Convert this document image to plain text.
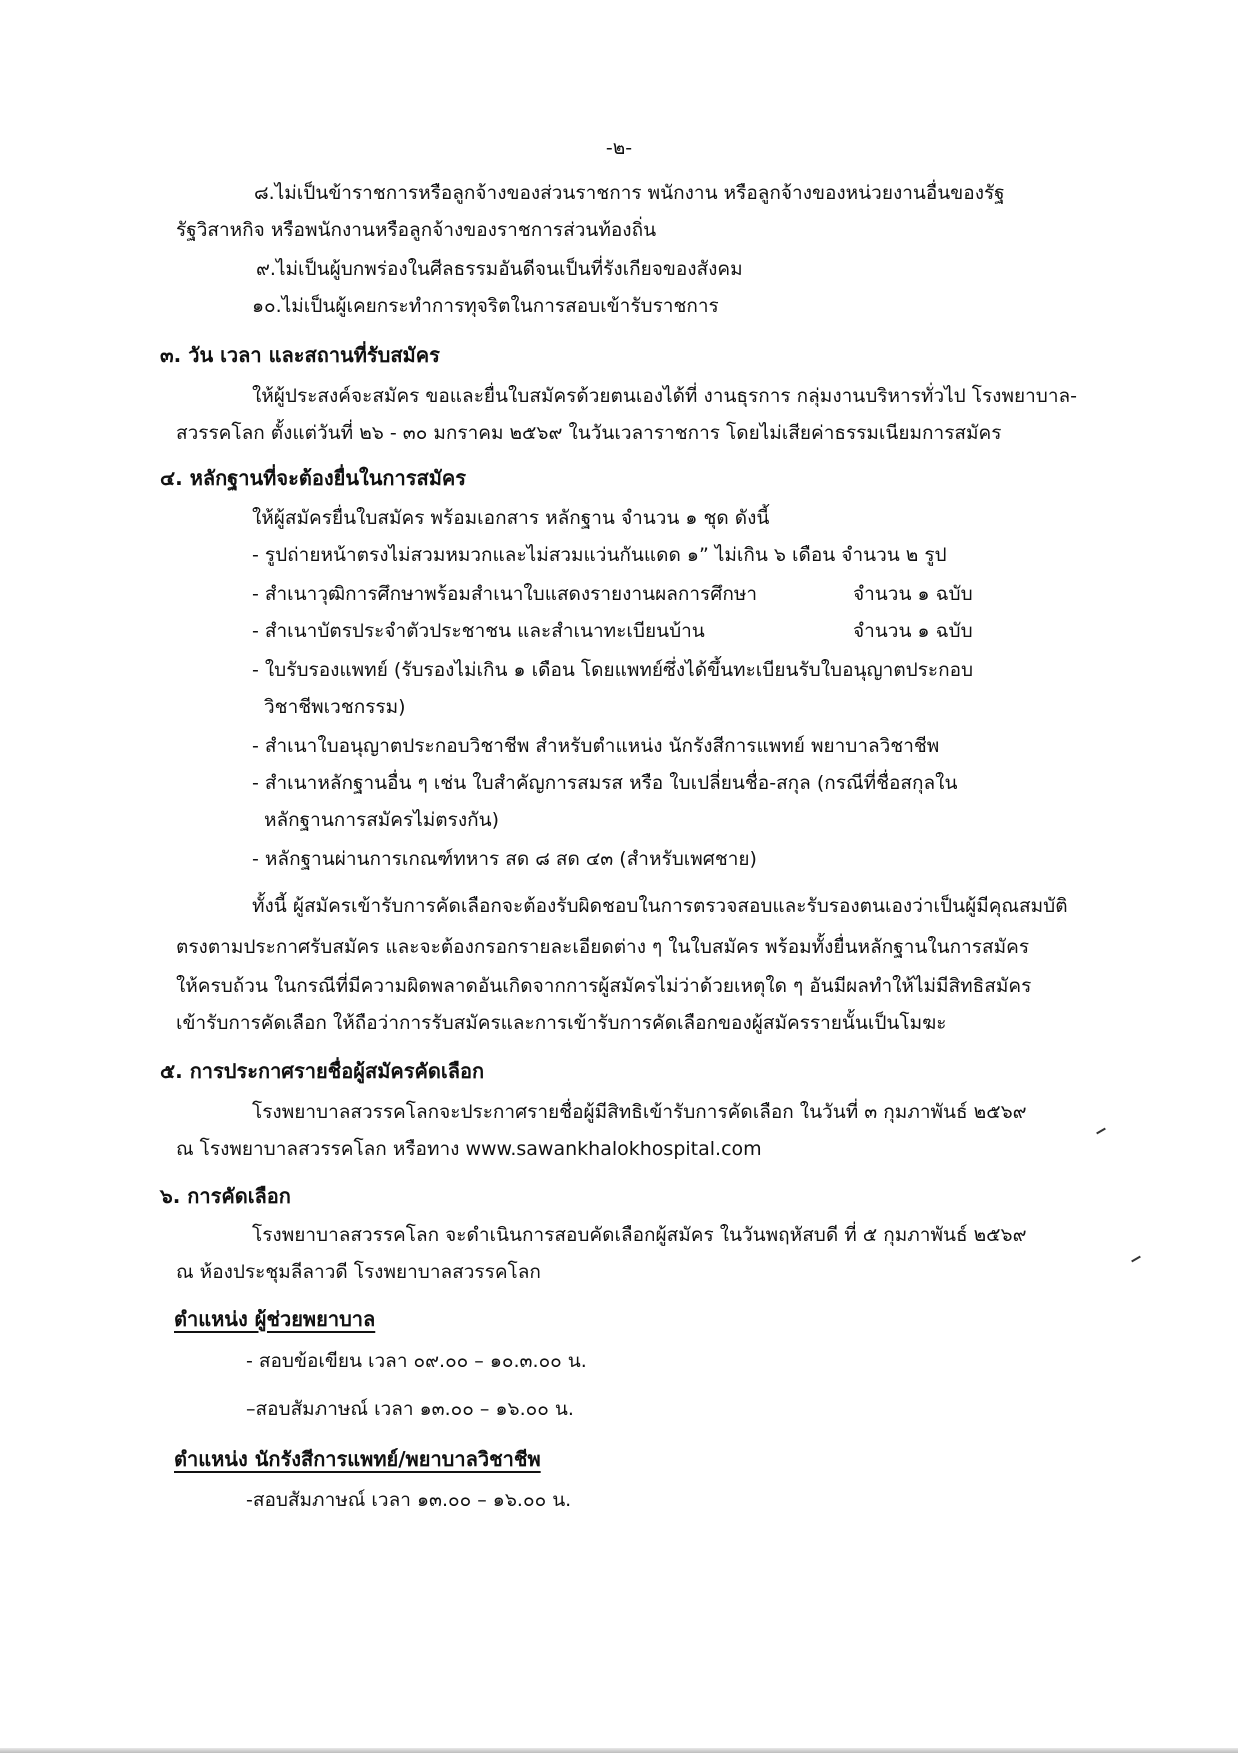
-๒-
๘.ไม่เป็นข้าราชการหรือลูกจ้างของส่วนราชการ พนักงาน หรือลูกจ้างของหน่วยงานอื่นของรัฐ
รัฐวิสาหกิจ หรือพนักงานหรือลูกจ้างของราชการส่วนท้องถิ่น
๙.ไม่เป็นผู้บกพร่องในศีลธรรมอันดีจนเป็นที่รังเกียจของสังคม
๑๐.ไม่เป็นผู้เคยกระทำการทุจริตในการสอบเข้ารับราชการ
๓. วัน เวลา และสถานที่รับสมัคร
ให้ผู้ประสงค์จะสมัคร ขอและยื่นใบสมัครด้วยตนเองได้ที่ งานธุรการ กลุ่มงานบริหารทั่วไป โรงพยาบาล-
สวรรคโลก ตั้งแต่วันที่ ๒๖ - ๓๐ มกราคม ๒๕๖๙ ในวันเวลาราชการ โดยไม่เสียค่าธรรมเนียมการสมัคร
๔. หลักฐานที่จะต้องยื่นในการสมัคร
ให้ผู้สมัครยื่นใบสมัคร พร้อมเอกสาร หลักฐาน จำนวน ๑ ชุด ดังนี้
- รูปถ่ายหน้าตรงไม่สวมหมวกและไม่สวมแว่นกันแดด ๑” ไม่เกิน ๖ เดือน จำนวน ๒ รูป
- สำเนาวุฒิการศึกษาพร้อมสำเนาใบแสดงรายงานผลการศึกษา	จำนวน ๑ ฉบับ
- สำเนาบัตรประจำตัวประชาชน และสำเนาทะเบียนบ้าน	จำนวน ๑ ฉบับ
- ใบรับรองแพทย์ (รับรองไม่เกิน ๑ เดือน โดยแพทย์ซึ่งได้ขึ้นทะเบียนรับใบอนุญาตประกอบ
วิชาชีพเวชกรรม)
- สำเนาใบอนุญาตประกอบวิชาชีพ สำหรับตำแหน่ง นักรังสีการแพทย์ พยาบาลวิชาชีพ
- สำเนาหลักฐานอื่น ๆ เช่น ใบสำคัญการสมรส หรือ ใบเปลี่ยนชื่อ-สกุล (กรณีที่ชื่อสกุลใน
หลักฐานการสมัครไม่ตรงกัน)
- หลักฐานผ่านการเกณฑ์ทหาร สด ๘ สด ๔๓ (สำหรับเพศชาย)
ทั้งนี้ ผู้สมัครเข้ารับการคัดเลือกจะต้องรับผิดชอบในการตรวจสอบและรับรองตนเองว่าเป็นผู้มีคุณสมบัติ
ตรงตามประกาศรับสมัคร และจะต้องกรอกรายละเอียดต่าง ๆ ในใบสมัคร พร้อมทั้งยื่นหลักฐานในการสมัคร
ให้ครบถ้วน ในกรณีที่มีความผิดพลาดอันเกิดจากการผู้สมัครไม่ว่าด้วยเหตุใด ๆ อันมีผลทำให้ไม่มีสิทธิสมัคร
เข้ารับการคัดเลือก ให้ถือว่าการรับสมัครและการเข้ารับการคัดเลือกของผู้สมัครรายนั้นเป็นโมฆะ
๕. การประกาศรายชื่อผู้สมัครคัดเลือก
โรงพยาบาลสวรรคโลกจะประกาศรายชื่อผู้มีสิทธิเข้ารับการคัดเลือก ในวันที่ ๓ กุมภาพันธ์ ๒๕๖๙
ณ โรงพยาบาลสวรรคโลก หรือทาง www.sawankhalokhospital.com
๖. การคัดเลือก
โรงพยาบาลสวรรคโลก จะดำเนินการสอบคัดเลือกผู้สมัคร ในวันพฤหัสบดี ที่ ๕ กุมภาพันธ์ ๒๕๖๙
ณ ห้องประชุมลีลาวดี โรงพยาบาลสวรรคโลก
ตำแหน่ง ผู้ช่วยพยาบาล
- สอบข้อเขียน เวลา ๐๙.๐๐ – ๑๐.๓.๐๐ น.
–สอบสัมภาษณ์ เวลา ๑๓.๐๐ – ๑๖.๐๐ น.
ตำแหน่ง นักรังสีการแพทย์/พยาบาลวิชาชีพ
-สอบสัมภาษณ์ เวลา ๑๓.๐๐ – ๑๖.๐๐ น.
